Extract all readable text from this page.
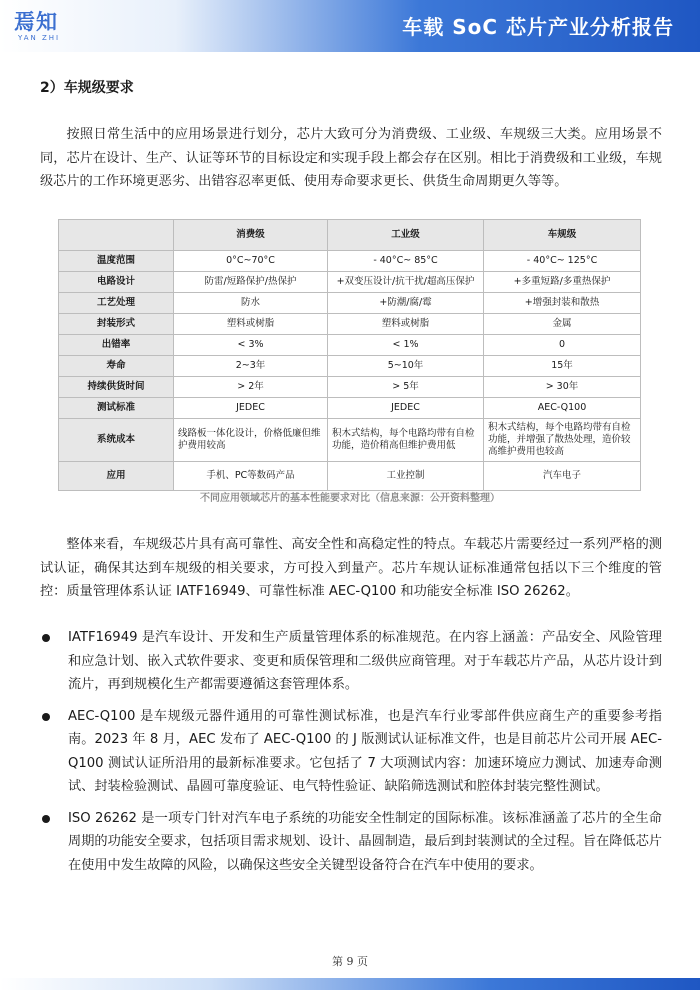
焉知
YAN ZHI	车载 SoC 芯片产业分析报告
2）车规级要求

按照日常生活中的应用场景进行划分，芯片大致可分为消费级、工业级、车规级三大类。应用场景不同，芯片在设计、生产、认证等环节的目标设定和实现手段上都会存在区别。相比于消费级和工业级，车规级芯片的工作环境更恶劣、出错容忍率更低、使用寿命要求更长、供货生命周期更久等等。

	消费级	工业级	车规级
温度范围	0°C~70°C	- 40°C~ 85°C	- 40°C~ 125°C
电路设计	防雷/短路保护/热保护	+双变压设计/抗干扰/超高压保护	+多重短路/多重热保护
工艺处理	防水	+防潮/腐/霉	+增强封装和散热
封装形式	塑料或树脂	塑料或树脂	金属
出错率	< 3%	< 1%	0
寿命	2~3年	5~10年	15年
持续供货时间	> 2年	> 5年	> 30年
测试标准	JEDEC	JEDEC	AEC-Q100
系统成本	线路板一体化设计，价格低廉但维护费用较高	积木式结构，每个电路均带有自检功能，造价稍高但维护费用低	积木式结构，每个电路均带有自检功能，并增强了散热处理，造价较高维护费用也较高
应用	手机、PC等数码产品	工业控制	汽车电子
不同应用领域芯片的基本性能要求对比（信息来源：公开资料整理）

整体来看，车规级芯片具有高可靠性、高安全性和高稳定性的特点。车载芯片需要经过一系列严格的测试认证，确保其达到车规级的相关要求，方可投入到量产。芯片车规认证标准通常包括以下三个维度的管控：质量管理体系认证 IATF16949、可靠性标准 AEC-Q100 和功能安全标准 ISO 26262。

IATF16949 是汽车设计、开发和生产质量管理体系的标准规范。在内容上涵盖：产品安全、风险管理和应急计划、嵌入式软件要求、变更和质保管理和二级供应商管理。对于车载芯片产品，从芯片设计到流片，再到规模化生产都需要遵循这套管理体系。
AEC-Q100 是车规级元器件通用的可靠性测试标准，也是汽车行业零部件供应商生产的重要参考指南。2023 年 8 月，AEC 发布了 AEC-Q100 的 J 版测试认证标准文件，也是目前芯片公司开展 AEC-Q100 测试认证所沿用的最新标准要求。它包括了 7 大项测试内容：加速环境应力测试、加速寿命测试、封装检验测试、晶圆可靠度验证、电气特性验证、缺陷筛选测试和腔体封装完整性测试。
ISO 26262 是一项专门针对汽车电子系统的功能安全性制定的国际标准。该标准涵盖了芯片的全生命周期的功能安全要求，包括项目需求规划、设计、晶圆制造，最后到封装测试的全过程。旨在降低芯片在使用中发生故障的风险，以确保这些安全关键型设备符合在汽车中使用的要求。
第 9 页
